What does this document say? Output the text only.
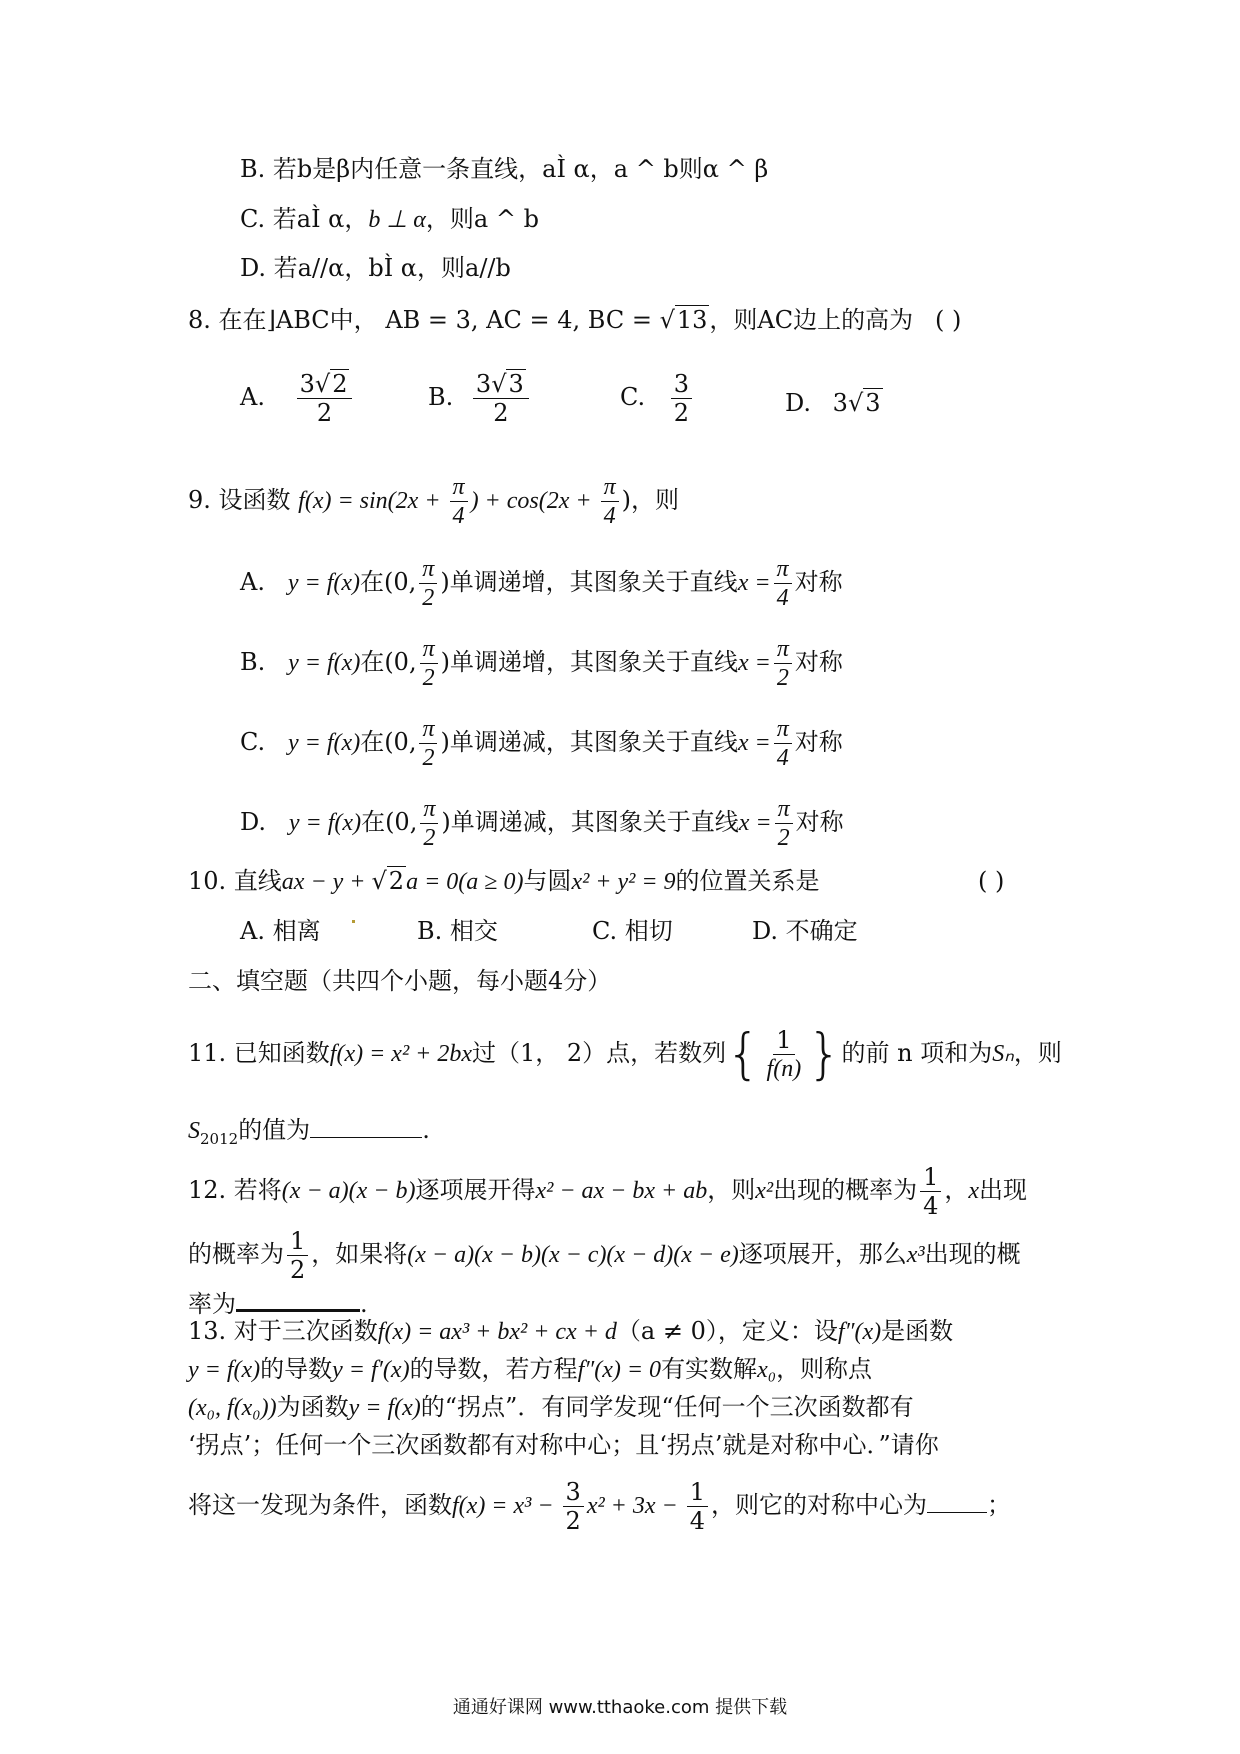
B. 若b是β内任意一条直线，aÌ α，a ^ b则α ^ β
C. 若aÌ α，b ⊥ α，则a ^ b
D. 若a//α，bÌ α，则a//b
8. 在在⌋ABC中， AB = 3, AC = 4, BC = √13，则AC边上的高为 ( )
A. $\frac{3√2}{2}$	B. $\frac{3√3}{2}$	C. $\frac{3}{2}$	D. 3√3
9. 设函数 $f(x) = \sin(2x + \frac{\pi}{4}$ ) + $\cos(2x + \frac{\pi}{4}$ )，则
A. y = f(x)在(0, $\frac{\pi}{2}$ )单调递增，其图象关于直线$x = \frac{\pi}{4}$ 对称
B. y = f(x)在(0, $\frac{\pi}{2}$ )单调递增，其图象关于直线$x = \frac{\pi}{2}$ 对称
C. y = f(x)在(0, $\frac{\pi}{2}$ )单调递减，其图象关于直线$x = \frac{\pi}{4}$ 对称
D. y = f(x)在(0, $\frac{\pi}{2}$ )单调递减，其图象关于直线$x = \frac{\pi}{2}$ 对称
10. 直线ax − y + √2a = 0(a ≥ 0)与圆x² + y² = 9的位置关系是	( )
A. 相离	B. 相交	C. 相切	D. 不确定
二、填空题（共四个小题，每小题4分）
11. 已知函数f(x) = x² + 2bx过（1， 2）点，若数列{ $\frac{1}{f(n)}$ }的前 n 项和为Sₙ，则
$S_{2012}$的值为	.
12. 若将(x − a)(x − b)逐项展开得x² − ax − bx + ab，则x²出现的概率为 $\frac{1}{4}$ ，x出现
的概率为 $\frac{1}{2}$ ，如果将(x − a)(x − b)(x − c)(x − d)(x − e)逐项展开，那么x³出现的概
率为	.
13. 对于三次函数f(x) = ax³ + bx² + cx + d（a ≠ 0），定义：设f″(x)是函数
y = f(x)的导数y = f′(x)的导数，若方程f″(x) = 0有实数解x₀，则称点
(x₀, f(x₀))为函数y = f(x)的“拐点”．有同学发现“任何一个三次函数都有
‘拐点’；任何一个三次函数都有对称中心；且‘拐点’就是对称中心．”请你
将这一发现为条件，函数$f(x) = x^3 - \frac{3}{2} x^2 + 3x - \frac{1}{4}$ ，则它的对称中心为	；
通通好课网 www.tthaoke.com 提供下载
